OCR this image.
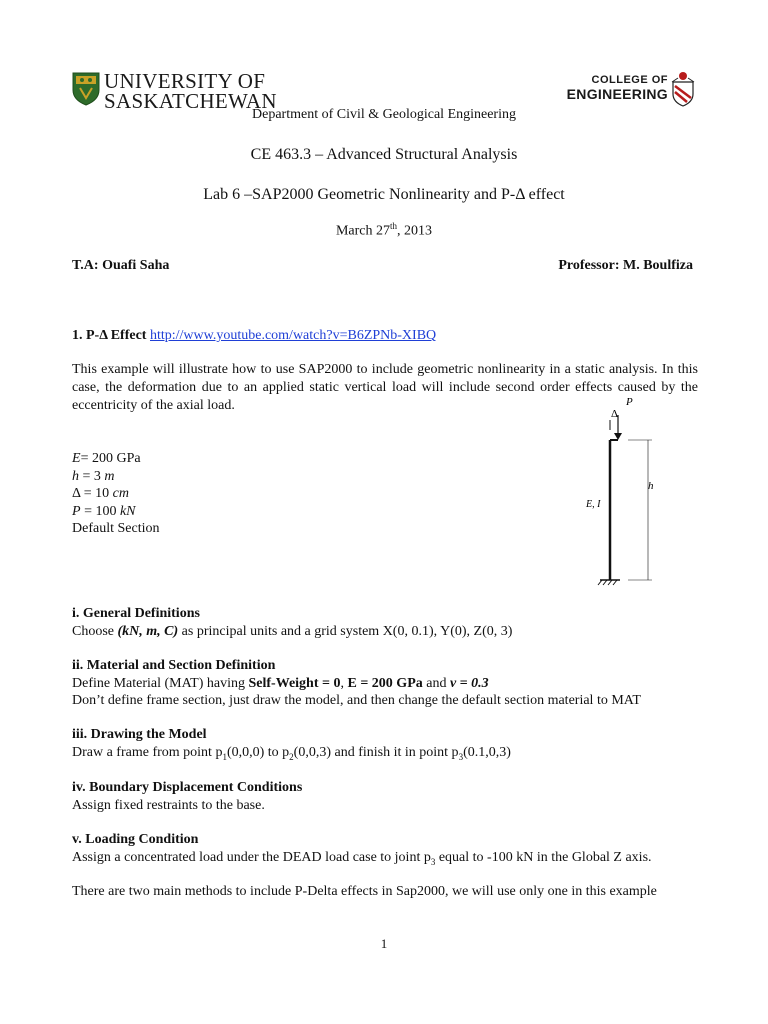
UNIVERSITY OF
SASKATCHEWAN
COLLEGE OF
ENGINEERING
Department of Civil & Geological Engineering
CE 463.3 – Advanced Structural Analysis
Lab 6 –SAP2000 Geometric Nonlinearity and P-Δ effect
March 27th, 2013
T.A: Ouafi Saha	Professor: M. Boulfiza
1. P-Δ Effect http://www.youtube.com/watch?v=B6ZPNb-XIBQ
This example will illustrate how to use SAP2000 to include geometric nonlinearity in a static analysis. In this case, the deformation due to an applied static vertical load will include second order effects caused by the eccentricity of the axial load.
E= 200 GPa
h = 3 m
Δ = 10 cm
P = 100 kN
Default Section
Δ
P
h
E, I
i. General Definitions
Choose (kN, m, C) as principal units and a grid system X(0, 0.1), Y(0), Z(0, 3)
ii. Material and Section Definition
Define Material (MAT) having Self-Weight = 0, E = 200 GPa and v = 0.3
Don’t define frame section, just draw the model, and then change the default section material to MAT
iii. Drawing the Model
Draw a frame from point $p_1(0,0,0)$ to $p_2(0,0,3)$ and finish it in point $p_3(0.1,0,3)$
iv. Boundary Displacement Conditions
Assign fixed restraints to the base.
v. Loading Condition
Assign a concentrated load under the DEAD load case to joint $p_3$ equal to -100 kN in the Global Z axis.
There are two main methods to include P-Delta effects in Sap2000, we will use only one in this example
1
